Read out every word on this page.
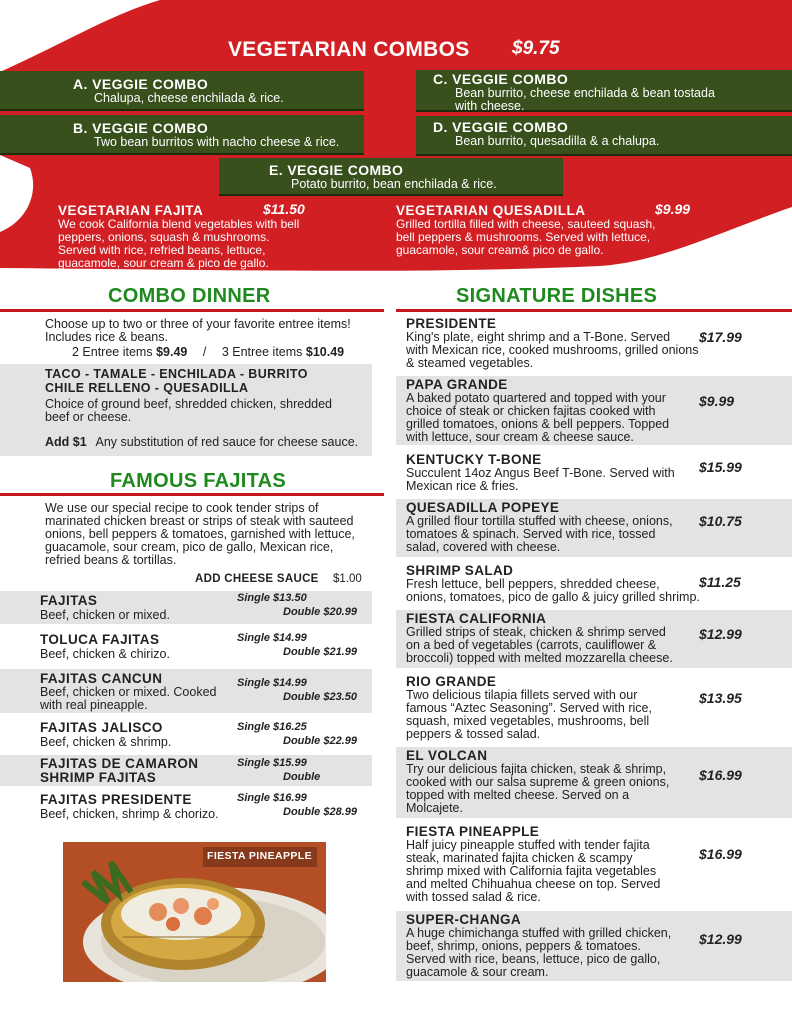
VEGETARIAN COMBOS $9.75
A. VEGGIE COMBO
Chalupa, cheese enchilada & rice.
B. VEGGIE COMBO
Two bean burritos with nacho cheese & rice.
C. VEGGIE COMBO
Bean burrito, cheese enchilada & bean tostada
with cheese.
D. VEGGIE COMBO
Bean burrito, quesadilla & a chalupa.
E. VEGGIE COMBO
Potato burrito, bean enchilada & rice.
VEGETARIAN FAJITA	$11.50
We cook California blend vegetables with bell
peppers, onions, squash & mushrooms.
Served with rice, refried beans, lettuce,
guacamole, sour cream & pico de gallo.
VEGETARIAN QUESADILLA	$9.99
Grilled tortilla filled with cheese, sauteed squash,
bell peppers & mushrooms. Served with lettuce,
guacamole, sour cream& pico de gallo.
COMBO DINNER
Choose up to two or three of your favorite entree items!
Includes rice & beans.
2 Entree items $9.49 / 3 Entree items $10.49
TACO - TAMALE - ENCHILADA - BURRITO
CHILE RELLENO - QUESADILLA
Choice of ground beef, shredded chicken, shredded
beef or cheese.
Add $1 Any substitution of red sauce for cheese sauce.
FAMOUS FAJITAS
We use our special recipe to cook tender strips of
marinated chicken breast or strips of steak with sauteed
onions, bell peppers & tomatoes, garnished with lettuce,
guacamole, sour cream, pico de gallo, Mexican rice,
refried beans & tortillas.
ADD CHEESE SAUCE $1.00
FAJITAS
Beef, chicken or mixed.
Single $13.50
Double $20.99
TOLUCA FAJITAS
Beef, chicken & chirizo.
Single $14.99
Double $21.99
FAJITAS CANCUN
Beef, chicken or mixed. Cooked
with real pineapple.
Single $14.99
Double $23.50
FAJITAS JALISCO
Beef, chicken & shrimp.
Single $16.25
Double $22.99
FAJITAS DE CAMARON
SHRIMP FAJITAS
Single $15.99
Double
FAJITAS PRESIDENTE
Beef, chicken, shrimp & chorizo.
Single $16.99
Double $28.99
FIESTA PINEAPPLE
SIGNATURE DISHES
PRESIDENTE
King's plate, eight shrimp and a T-Bone. Served
with Mexican rice, cooked mushrooms, grilled onions
& steamed vegetables.
$17.99
PAPA GRANDE
A baked potato quartered and topped with your
choice of steak or chicken fajitas cooked with
grilled tomatoes, onions & bell peppers. Topped
with lettuce, sour cream & cheese sauce.
$9.99
KENTUCKY T-BONE
Succulent 14oz Angus Beef T-Bone. Served with
Mexican rice & fries.
$15.99
QUESADILLA POPEYE
A grilled flour tortilla stuffed with cheese, onions,
tomatoes & spinach. Served with rice, tossed
salad, covered with cheese.
$10.75
SHRIMP SALAD
Fresh lettuce, bell peppers, shredded cheese,
onions, tomatoes, pico de gallo & juicy grilled shrimp.
$11.25
FIESTA CALIFORNIA
Grilled strips of steak, chicken & shrimp served
on a bed of vegetables (carrots, cauliflower &
broccoli) topped with melted mozzarella cheese.
$12.99
RIO GRANDE
Two delicious tilapia fillets served with our
famous “Aztec Seasoning”. Served with rice,
squash, mixed vegetables, mushrooms, bell
peppers & tossed salad.
$13.95
EL VOLCAN
Try our delicious fajita chicken, steak & shrimp,
cooked with our salsa supreme & green onions,
topped with melted cheese. Served on a
Molcajete.
$16.99
FIESTA PINEAPPLE
Half juicy pineapple stuffed with tender fajita
steak, marinated fajita chicken & scampy
shrimp mixed with California fajita vegetables
and melted Chihuahua cheese on top. Served
with tossed salad & rice.
$16.99
SUPER-CHANGA
A huge chimichanga stuffed with grilled chicken,
beef, shrimp, onions, peppers & tomatoes.
Served with rice, beans, lettuce, pico de gallo,
guacamole & sour cream.
$12.99
